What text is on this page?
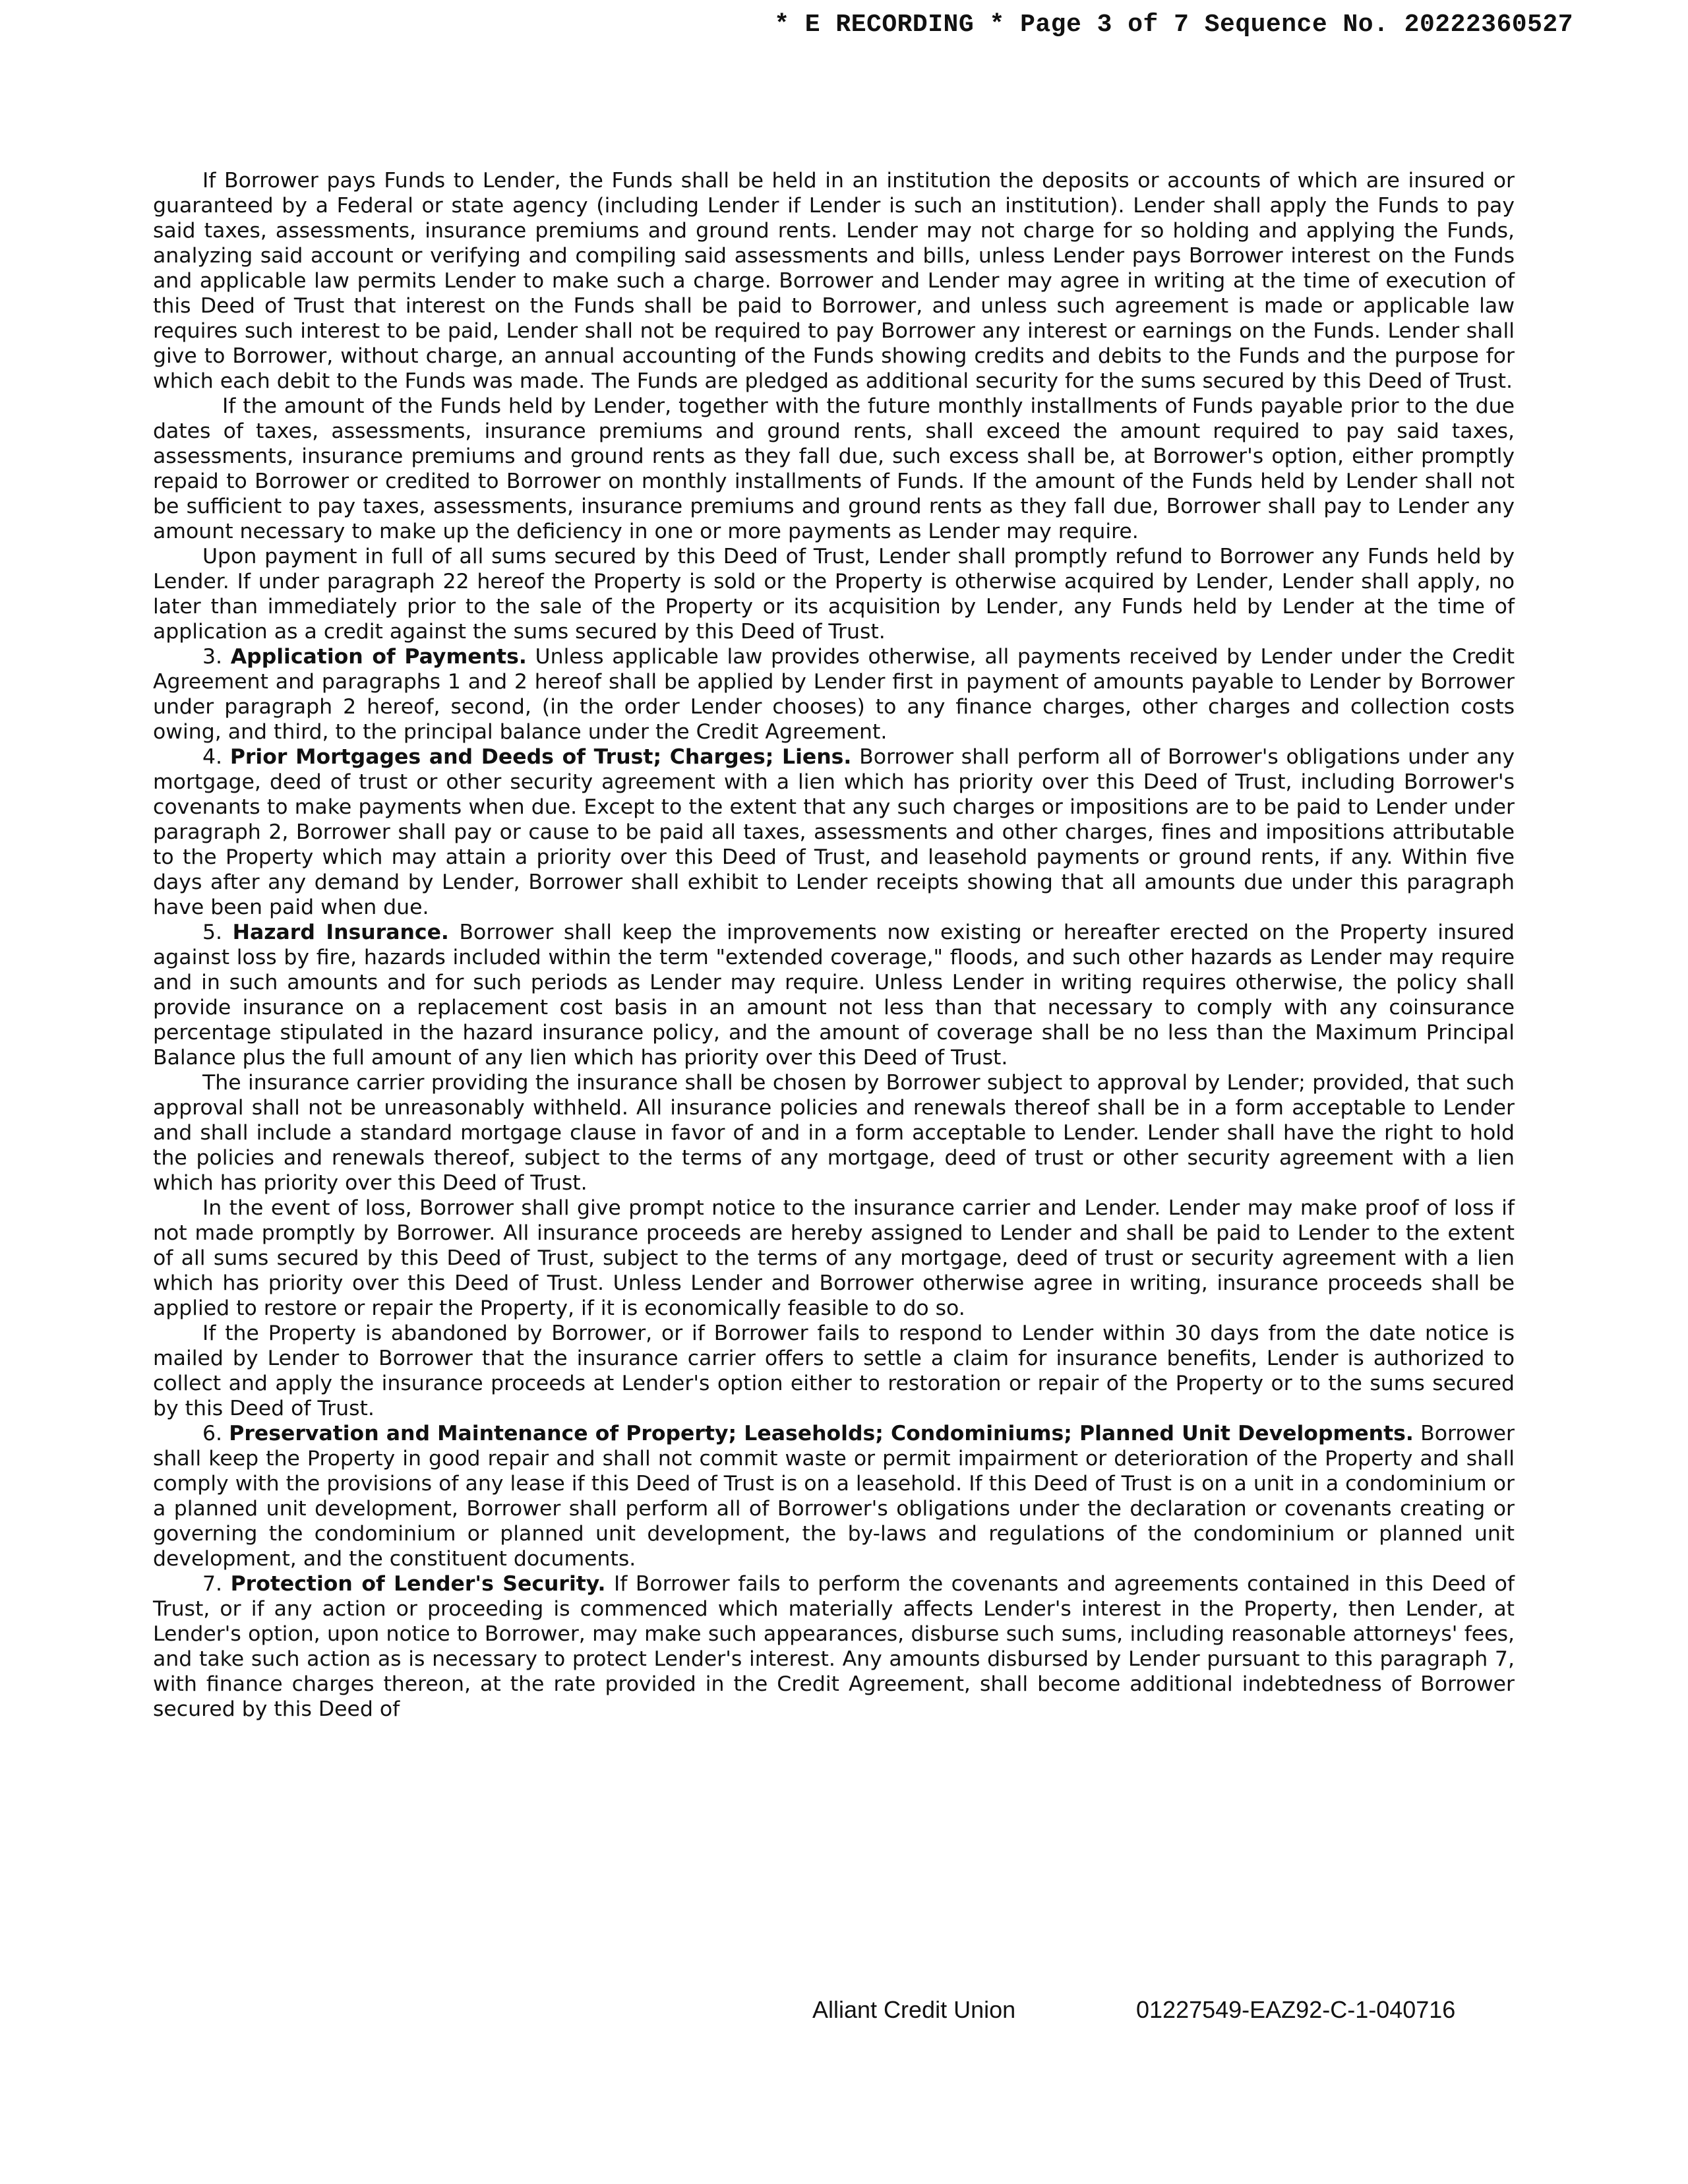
* E RECORDING * Page 3 of 7 Sequence No. 20222360527

If Borrower pays Funds to Lender, the Funds shall be held in an institution the deposits or accounts of which are insured or guaranteed by a Federal or state agency (including Lender if Lender is such an institution). Lender shall apply the Funds to pay said taxes, assessments, insurance premiums and ground rents. Lender may not charge for so holding and applying the Funds, analyzing said account or verifying and compiling said assessments and bills, unless Lender pays Borrower interest on the Funds and applicable law permits Lender to make such a charge. Borrower and Lender may agree in writing at the time of execution of this Deed of Trust that interest on the Funds shall be paid to Borrower, and unless such agreement is made or applicable law requires such interest to be paid, Lender shall not be required to pay Borrower any interest or earnings on the Funds. Lender shall give to Borrower, without charge, an annual accounting of the Funds showing credits and debits to the Funds and the purpose for which each debit to the Funds was made. The Funds are pledged as additional security for the sums secured by this Deed of Trust.

If the amount of the Funds held by Lender, together with the future monthly installments of Funds payable prior to the due dates of taxes, assessments, insurance premiums and ground rents, shall exceed the amount required to pay said taxes, assessments, insurance premiums and ground rents as they fall due, such excess shall be, at Borrower's option, either promptly repaid to Borrower or credited to Borrower on monthly installments of Funds. If the amount of the Funds held by Lender shall not be sufficient to pay taxes, assessments, insurance premiums and ground rents as they fall due, Borrower shall pay to Lender any amount necessary to make up the deficiency in one or more payments as Lender may require.

Upon payment in full of all sums secured by this Deed of Trust, Lender shall promptly refund to Borrower any Funds held by Lender. If under paragraph 22 hereof the Property is sold or the Property is otherwise acquired by Lender, Lender shall apply, no later than immediately prior to the sale of the Property or its acquisition by Lender, any Funds held by Lender at the time of application as a credit against the sums secured by this Deed of Trust.

3. Application of Payments. Unless applicable law provides otherwise, all payments received by Lender under the Credit Agreement and paragraphs 1 and 2 hereof shall be applied by Lender first in payment of amounts payable to Lender by Borrower under paragraph 2 hereof, second, (in the order Lender chooses) to any finance charges, other charges and collection costs owing, and third, to the principal balance under the Credit Agreement.

4. Prior Mortgages and Deeds of Trust; Charges; Liens. Borrower shall perform all of Borrower's obligations under any mortgage, deed of trust or other security agreement with a lien which has priority over this Deed of Trust, including Borrower's covenants to make payments when due. Except to the extent that any such charges or impositions are to be paid to Lender under paragraph 2, Borrower shall pay or cause to be paid all taxes, assessments and other charges, fines and impositions attributable to the Property which may attain a priority over this Deed of Trust, and leasehold payments or ground rents, if any. Within five days after any demand by Lender, Borrower shall exhibit to Lender receipts showing that all amounts due under this paragraph have been paid when due.

5. Hazard Insurance. Borrower shall keep the improvements now existing or hereafter erected on the Property insured against loss by fire, hazards included within the term "extended coverage," floods, and such other hazards as Lender may require and in such amounts and for such periods as Lender may require. Unless Lender in writing requires otherwise, the policy shall provide insurance on a replacement cost basis in an amount not less than that necessary to comply with any coinsurance percentage stipulated in the hazard insurance policy, and the amount of coverage shall be no less than the Maximum Principal Balance plus the full amount of any lien which has priority over this Deed of Trust.

The insurance carrier providing the insurance shall be chosen by Borrower subject to approval by Lender; provided, that such approval shall not be unreasonably withheld. All insurance policies and renewals thereof shall be in a form acceptable to Lender and shall include a standard mortgage clause in favor of and in a form acceptable to Lender. Lender shall have the right to hold the policies and renewals thereof, subject to the terms of any mortgage, deed of trust or other security agreement with a lien which has priority over this Deed of Trust.

In the event of loss, Borrower shall give prompt notice to the insurance carrier and Lender. Lender may make proof of loss if not made promptly by Borrower. All insurance proceeds are hereby assigned to Lender and shall be paid to Lender to the extent of all sums secured by this Deed of Trust, subject to the terms of any mortgage, deed of trust or security agreement with a lien which has priority over this Deed of Trust. Unless Lender and Borrower otherwise agree in writing, insurance proceeds shall be applied to restore or repair the Property, if it is economically feasible to do so.

If the Property is abandoned by Borrower, or if Borrower fails to respond to Lender within 30 days from the date notice is mailed by Lender to Borrower that the insurance carrier offers to settle a claim for insurance benefits, Lender is authorized to collect and apply the insurance proceeds at Lender's option either to restoration or repair of the Property or to the sums secured by this Deed of Trust.

6. Preservation and Maintenance of Property; Leaseholds; Condominiums; Planned Unit Developments. Borrower shall keep the Property in good repair and shall not commit waste or permit impairment or deterioration of the Property and shall comply with the provisions of any lease if this Deed of Trust is on a leasehold. If this Deed of Trust is on a unit in a condominium or a planned unit development, Borrower shall perform all of Borrower's obligations under the declaration or covenants creating or governing the condominium or planned unit development, the by-laws and regulations of the condominium or planned unit development, and the constituent documents.

7. Protection of Lender's Security. If Borrower fails to perform the covenants and agreements contained in this Deed of Trust, or if any action or proceeding is commenced which materially affects Lender's interest in the Property, then Lender, at Lender's option, upon notice to Borrower, may make such appearances, disburse such sums, including reasonable attorneys' fees, and take such action as is necessary to protect Lender's interest. Any amounts disbursed by Lender pursuant to this paragraph 7, with finance charges thereon, at the rate provided in the Credit Agreement, shall become additional indebtedness of Borrower secured by this Deed of

Alliant Credit Union	01227549-EAZ92-C-1-040716
